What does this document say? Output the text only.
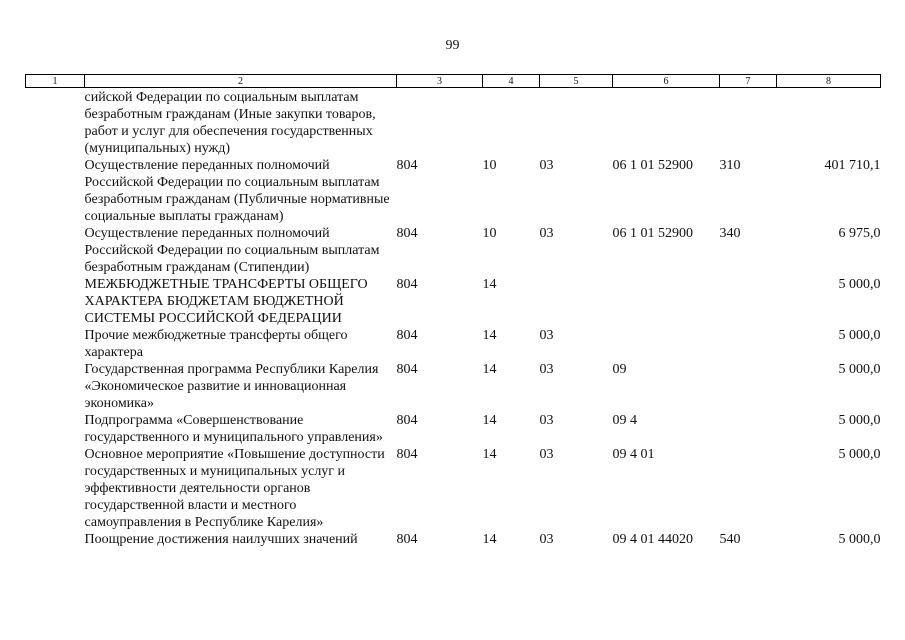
99
1	2	3	4	5	6	7	8
	сийской Федерации по социальным выплатам безработным гражданам (Иные закупки товаров, работ и услуг для обеспечения государственных (муниципальных) нужд)						
	Осуществление переданных полномочий Российской Федерации по социальным выплатам безработным гражданам (Публичные нормативные социальные выплаты гражданам)	804	10	03	06 1 01 52900	310	401 710,1
	Осуществление переданных полномочий Российской Федерации по социальным выплатам безработным гражданам (Стипендии)	804	10	03	06 1 01 52900	340	6 975,0
	МЕЖБЮДЖЕТНЫЕ ТРАНСФЕРТЫ ОБЩЕГО ХАРАКТЕРА БЮДЖЕТАМ БЮДЖЕТНОЙ СИСТЕМЫ РОССИЙСКОЙ ФЕДЕРАЦИИ	804	14				5 000,0
	Прочие межбюджетные трансферты общего характера	804	14	03			5 000,0
	Государственная программа Республики Карелия «Экономическое развитие и инновационная экономика»	804	14	03	09		5 000,0
	Подпрограмма «Совершенствование государственного и муниципального управления»	804	14	03	09 4		5 000,0
	Основное мероприятие «Повышение доступности государственных и муниципальных услуг и эффективности деятельности органов государственной власти и местного самоуправления в Республике Карелия»	804	14	03	09 4 01		5 000,0
	Поощрение достижения наилучших значений	804	14	03	09 4 01 44020	540	5 000,0
